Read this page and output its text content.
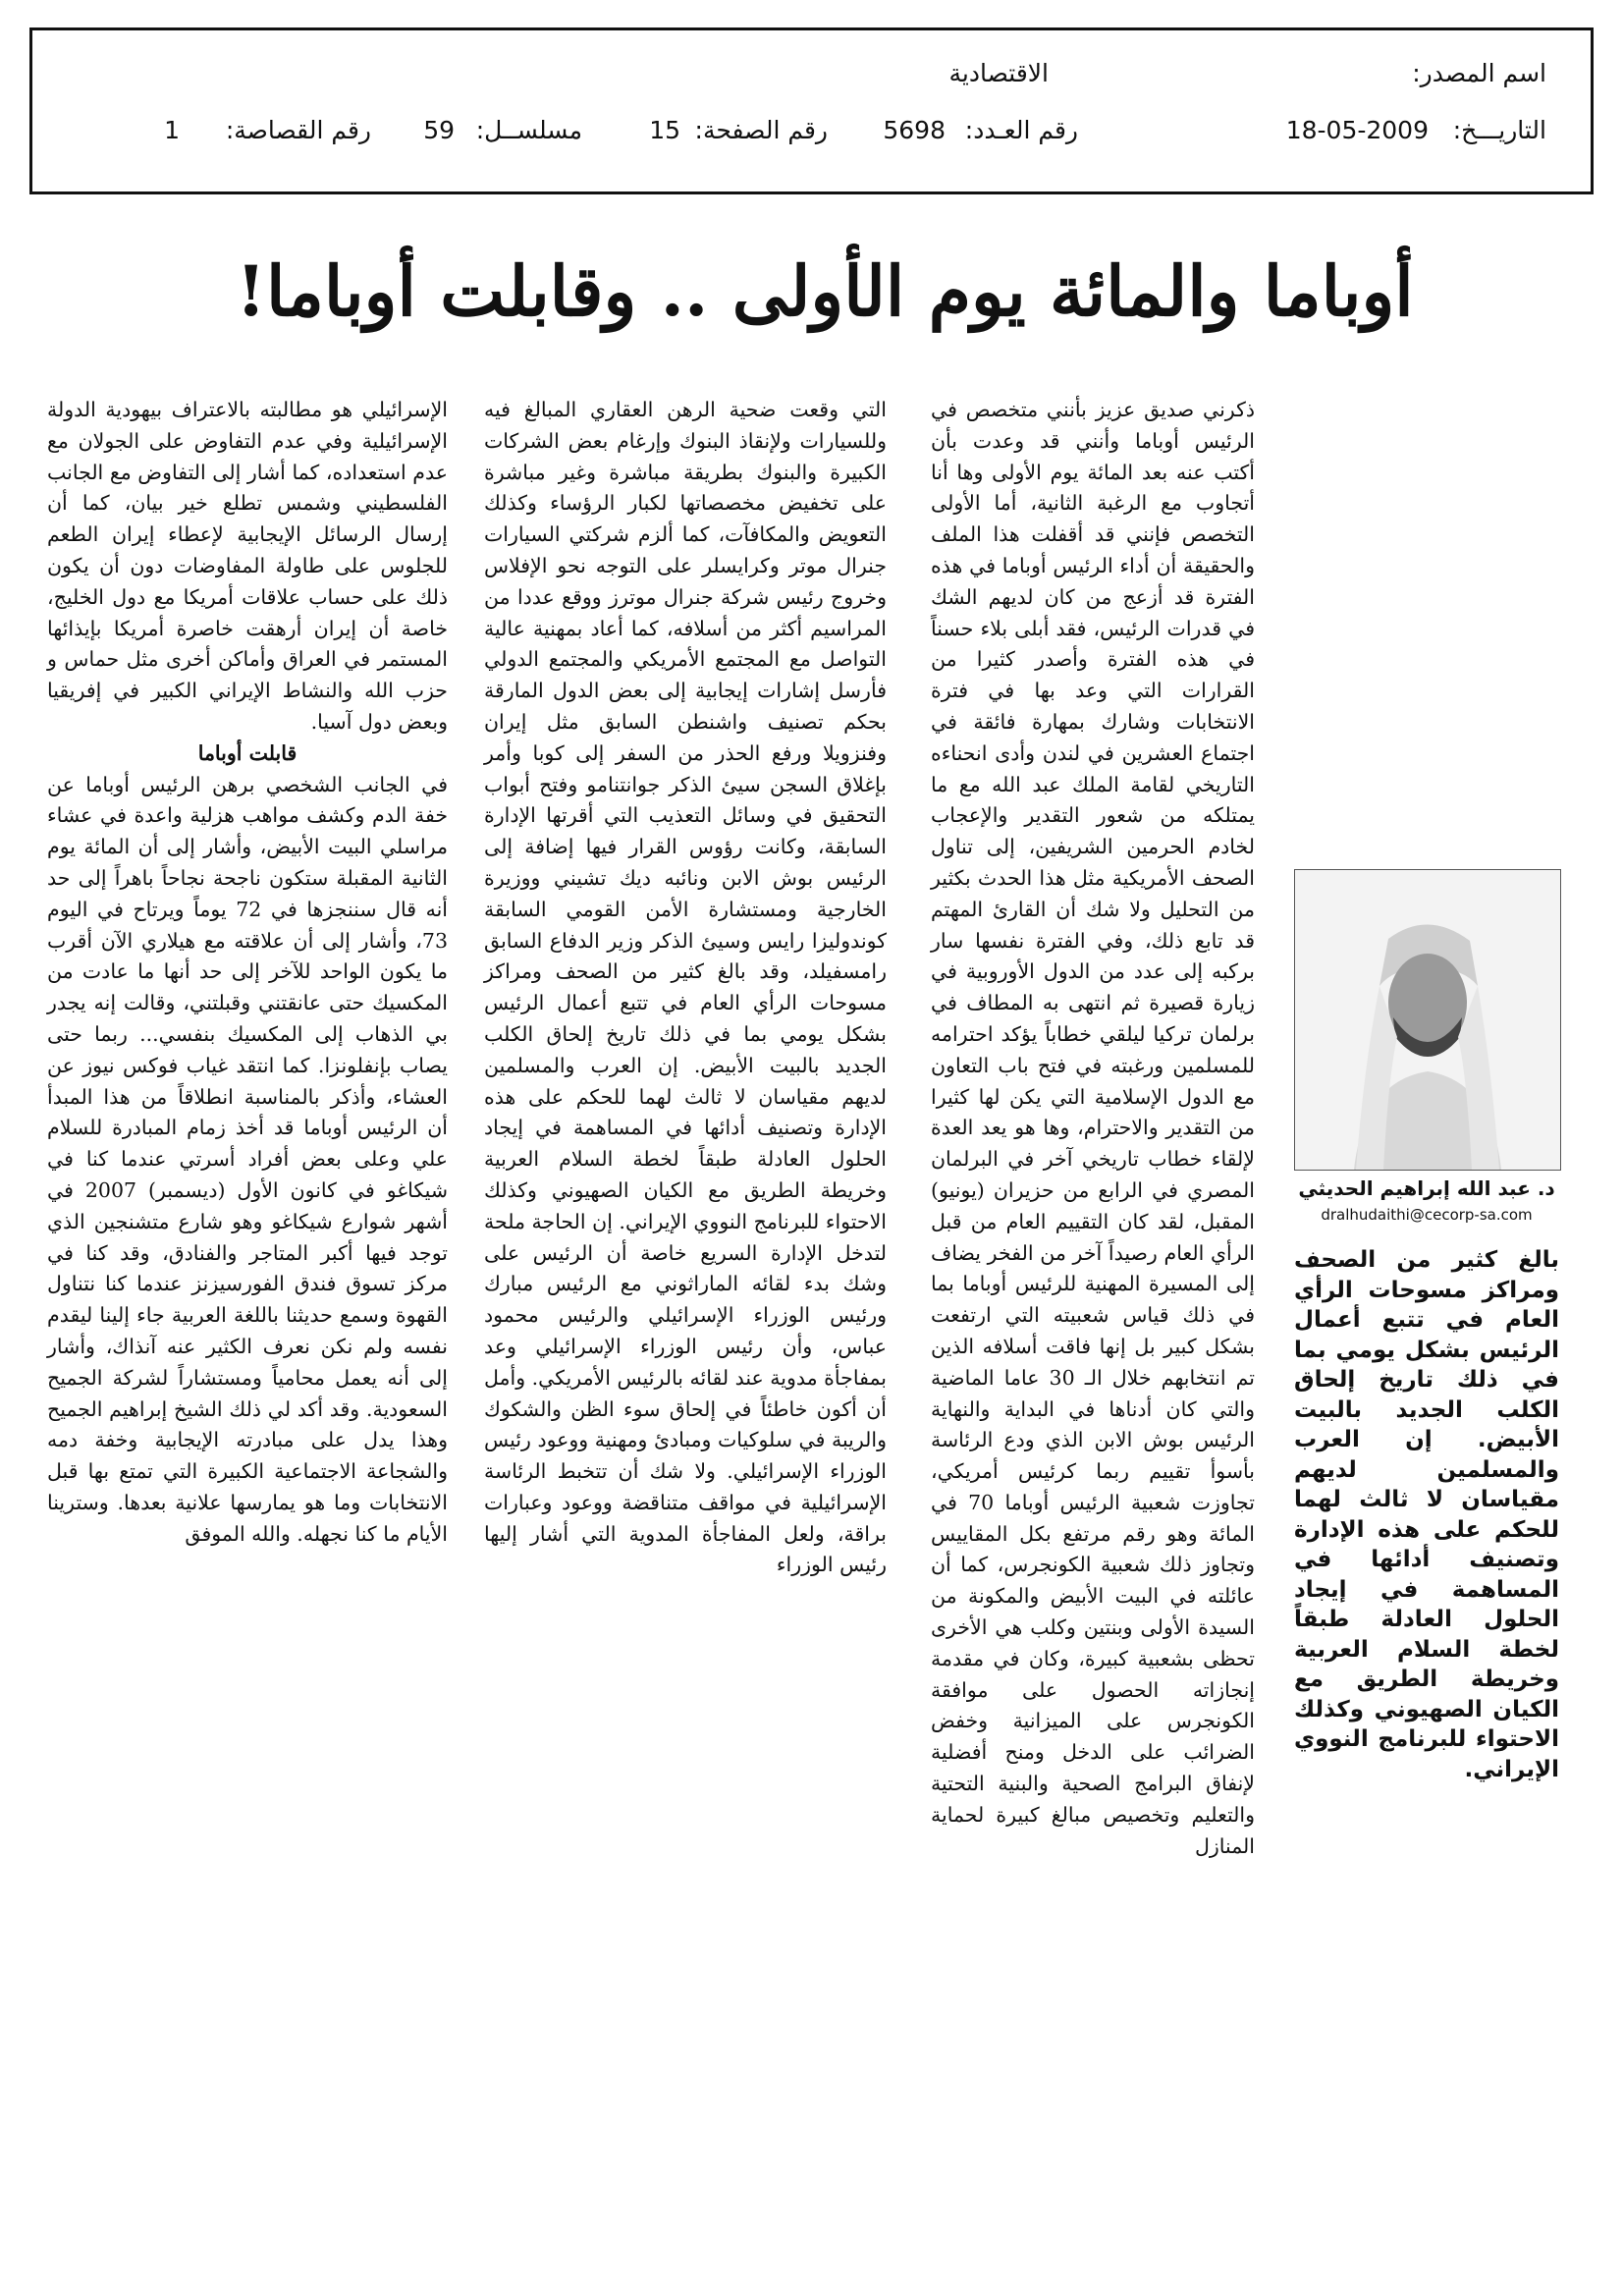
اسم المصدر:
الاقتصادية
التاريـــخ:
18-05-2009
رقم العـدد:
5698
رقم الصفحة:
15
مسلســل:
59
رقم القصاصة:
1
أوباما والمائة يوم الأولى .. وقابلت أوباما!
د. عبد الله إبراهيم الحديثي
dralhudaithi@cecorp-sa.com
بالغ كثير من الصحف ومراكز مسوحات الرأي العام في تتبع أعمال الرئيس بشكل يومي بما في ذلك تاريخ إلحاق الكلب الجديد بالبيت الأبيض. إن العرب والمسلمين لديهم مقياسان لا ثالث لهما للحكم على هذه الإدارة وتصنيف أدائها في المساهمة في إيجاد الحلول العادلة طبقاً لخطة السلام العربية وخريطة الطريق مع الكيان الصهيوني وكذلك الاحتواء للبرنامج النووي الإيراني.

ذكرني صديق عزيز بأنني متخصص في الرئيس أوباما وأنني قد وعدت بأن أكتب عنه بعد المائة يوم الأولى وها أنا أتجاوب مع الرغبة الثانية، أما الأولى التخصص فإنني قد أقفلت هذا الملف والحقيقة أن أداء الرئيس أوباما في هذه الفترة قد أزعج من كان لديهم الشك في قدرات الرئيس، فقد أبلى بلاء حسناً في هذه الفترة وأصدر كثيرا من القرارات التي وعد بها في فترة الانتخابات وشارك بمهارة فائقة في اجتماع العشرين في لندن وأدى انحناءه التاريخي لقامة الملك عبد الله مع ما يمتلكه من شعور التقدير والإعجاب لخادم الحرمين الشريفين، إلى تناول الصحف الأمريكية مثل هذا الحدث بكثير من التحليل ولا شك أن القارئ المهتم قد تابع ذلك، وفي الفترة نفسها سار بركبه إلى عدد من الدول الأوروبية في زيارة قصيرة ثم انتهى به المطاف في برلمان تركيا ليلقي خطاباً يؤكد احترامه للمسلمين ورغبته في فتح باب التعاون مع الدول الإسلامية التي يكن لها كثيرا من التقدير والاحترام، وها هو يعد العدة لإلقاء خطاب تاريخي آخر في البرلمان المصري في الرابع من حزيران (يونيو) المقبل، لقد كان التقييم العام من قبل الرأي العام رصيداً آخر من الفخر يضاف إلى المسيرة المهنية للرئيس أوباما بما في ذلك قياس شعبيته التي ارتفعت بشكل كبير بل إنها فاقت أسلافه الذين تم انتخابهم خلال الـ 30 عاما الماضية والتي كان أدناها في البداية والنهاية الرئيس بوش الابن الذي ودع الرئاسة بأسوأ تقييم ربما كرئيس أمريكي، تجاوزت شعبية الرئيس أوباما 70 في المائة وهو رقم مرتفع بكل المقاييس وتجاوز ذلك شعبية الكونجرس، كما أن عائلته في البيت الأبيض والمكونة من السيدة الأولى وبنتين وكلب هي الأخرى تحظى بشعبية كبيرة، وكان في مقدمة إنجازاته الحصول على موافقة الكونجرس على الميزانية وخفض الضرائب على الدخل ومنح أفضلية لإنفاق البرامج الصحية والبنية التحتية والتعليم وتخصيص مبالغ كبيرة لحماية المنازل

التي وقعت ضحية الرهن العقاري المبالغ فيه وللسيارات ولإنقاذ البنوك وإرغام بعض الشركات الكبيرة والبنوك بطريقة مباشرة وغير مباشرة على تخفيض مخصصاتها لكبار الرؤساء وكذلك التعويض والمكافآت، كما ألزم شركتي السيارات جنرال موتر وكرايسلر على التوجه نحو الإفلاس وخروج رئيس شركة جنرال موترز ووقع عددا من المراسيم أكثر من أسلافه، كما أعاد بمهنية عالية التواصل مع المجتمع الأمريكي والمجتمع الدولي فأرسل إشارات إيجابية إلى بعض الدول المارقة بحكم تصنيف واشنطن السابق مثل إيران وفنزويلا ورفع الحذر من السفر إلى كوبا وأمر بإغلاق السجن سيئ الذكر جوانتنامو وفتح أبواب التحقيق في وسائل التعذيب التي أقرتها الإدارة السابقة، وكانت رؤوس القرار فيها إضافة إلى الرئيس بوش الابن ونائبه ديك تشيني ووزيرة الخارجية ومستشارة الأمن القومي السابقة كوندوليزا رايس وسيئ الذكر وزير الدفاع السابق رامسفيلد، وقد بالغ كثير من الصحف ومراكز مسوحات الرأي العام في تتبع أعمال الرئيس بشكل يومي بما في ذلك تاريخ إلحاق الكلب الجديد بالبيت الأبيض. إن العرب والمسلمين لديهم مقياسان لا ثالث لهما للحكم على هذه الإدارة وتصنيف أدائها في المساهمة في إيجاد الحلول العادلة طبقاً لخطة السلام العربية وخريطة الطريق مع الكيان الصهيوني وكذلك الاحتواء للبرنامج النووي الإيراني. إن الحاجة ملحة لتدخل الإدارة السريع خاصة أن الرئيس على وشك بدء لقائه الماراثوني مع الرئيس مبارك ورئيس الوزراء الإسرائيلي والرئيس محمود عباس، وأن رئيس الوزراء الإسرائيلي وعد بمفاجأة مدوية عند لقائه بالرئيس الأمريكي. وأمل أن أكون خاطئاً في إلحاق سوء الظن والشكوك والريبة في سلوكيات ومبادئ ومهنية ووعود رئيس الوزراء الإسرائيلي. ولا شك أن تتخبط الرئاسة الإسرائيلية في مواقف متناقضة ووعود وعبارات براقة، ولعل المفاجأة المدوية التي أشار إليها رئيس الوزراء

الإسرائيلي هو مطالبته بالاعتراف بيهودية الدولة الإسرائيلية وفي عدم التفاوض على الجولان مع عدم استعداده، كما أشار إلى التفاوض مع الجانب الفلسطيني وشمس تطلع خير بيان، كما أن إرسال الرسائل الإيجابية لإعطاء إيران الطعم للجلوس على طاولة المفاوضات دون أن يكون ذلك على حساب علاقات أمريكا مع دول الخليج، خاصة أن إيران أرهقت خاصرة أمريكا بإيذائها المستمر في العراق وأماكن أخرى مثل حماس و حزب الله والنشاط الإيراني الكبير في إفريقيا وبعض دول آسيا.

قابلت أوباما

في الجانب الشخصي برهن الرئيس أوباما عن خفة الدم وكشف مواهب هزلية واعدة في عشاء مراسلي البيت الأبيض، وأشار إلى أن المائة يوم الثانية المقبلة ستكون ناجحة نجاحاً باهراً إلى حد أنه قال سننجزها في 72 يوماً ويرتاح في اليوم 73، وأشار إلى أن علاقته مع هيلاري الآن أقرب ما يكون الواحد للآخر إلى حد أنها ما عادت من المكسيك حتى عانقتني وقبلتني، وقالت إنه يجدر بي الذهاب إلى المكسيك بنفسي... ربما حتى يصاب بإنفلونزا. كما انتقد غياب فوكس نيوز عن العشاء، وأذكر بالمناسبة انطلاقاً من هذا المبدأ أن الرئيس أوباما قد أخذ زمام المبادرة للسلام علي وعلى بعض أفراد أسرتي عندما كنا في شيكاغو في كانون الأول (ديسمبر) 2007 في أشهر شوارع شيكاغو وهو شارع متشنجين الذي توجد فيها أكبر المتاجر والفنادق، وقد كنا في مركز تسوق فندق الفورسيزنز عندما كنا نتناول القهوة وسمع حديثنا باللغة العربية جاء إلينا ليقدم نفسه ولم نكن نعرف الكثير عنه آنذاك، وأشار إلى أنه يعمل محامياً ومستشاراً لشركة الجميح السعودية. وقد أكد لي ذلك الشيخ إبراهيم الجميح وهذا يدل على مبادرته الإيجابية وخفة دمه والشجاعة الاجتماعية الكبيرة التي تمتع بها قبل الانتخابات وما هو يمارسها علانية بعدها. وسترينا الأيام ما كنا نجهله. والله الموفق
